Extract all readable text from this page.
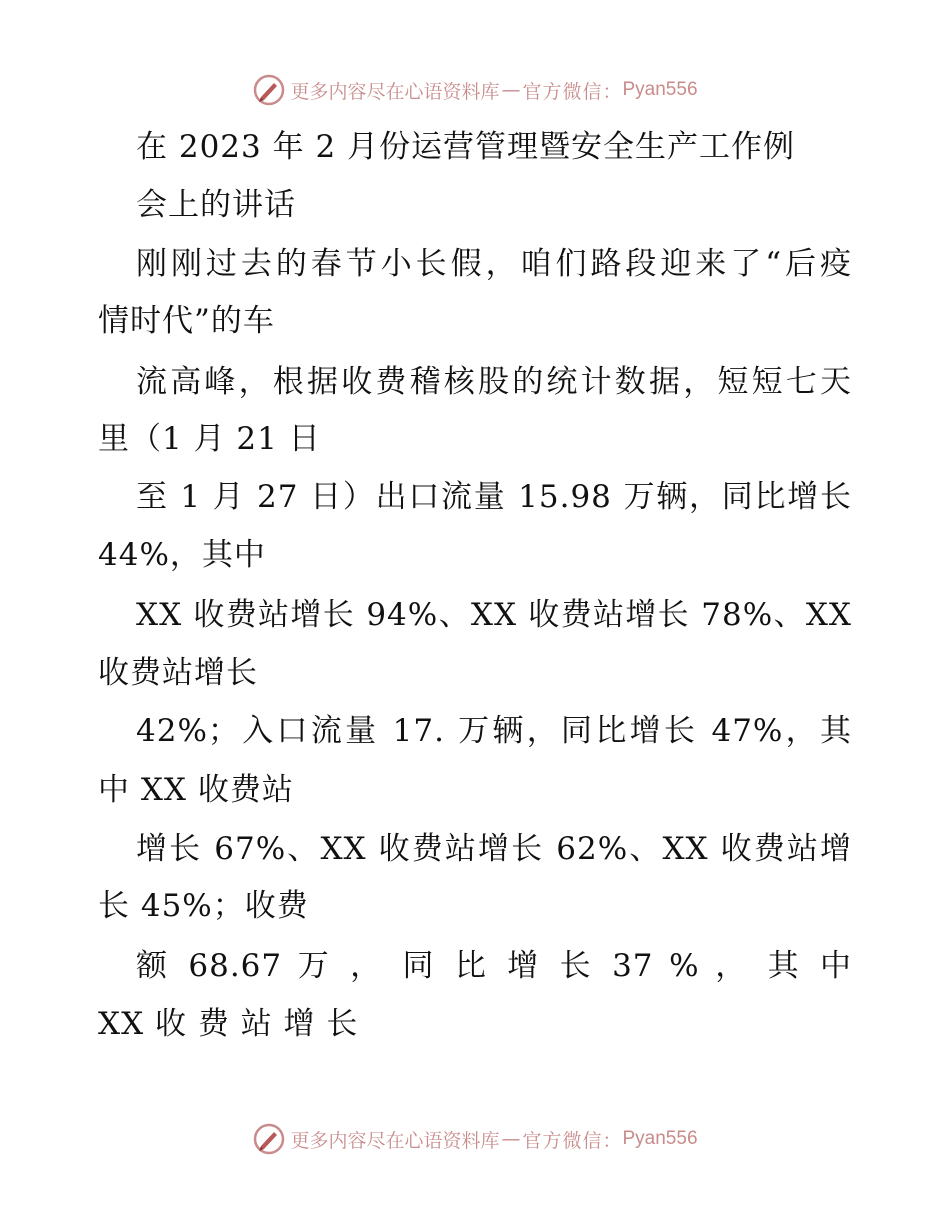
更多内容尽在心语资料库 — 官方微信： Pyan556
在 2023 年 2 月份运营管理暨安全生产工作例
会上的讲话
刚刚过去的春节小长假，咱们路段迎来了“后疫
情时代”的车
流高峰，根据收费稽核股的统计数据，短短七天
里（1 月 21 日
至 1 月 27 日）出口流量 15.98 万辆，同比增长
44%，其中
XX 收费站增长 94%、XX 收费站增长 78%、XX
收费站增长
42%；入口流量 17. 万辆，同比增长 47%，其
中 XX 收费站
增长 67%、XX 收费站增长 62%、XX 收费站增
长 45%；收费
额 68.67 万 ， 同 比 增 长 37 % ， 其 中
XX 收 费 站 增 长
更多内容尽在心语资料库 — 官方微信： Pyan556
